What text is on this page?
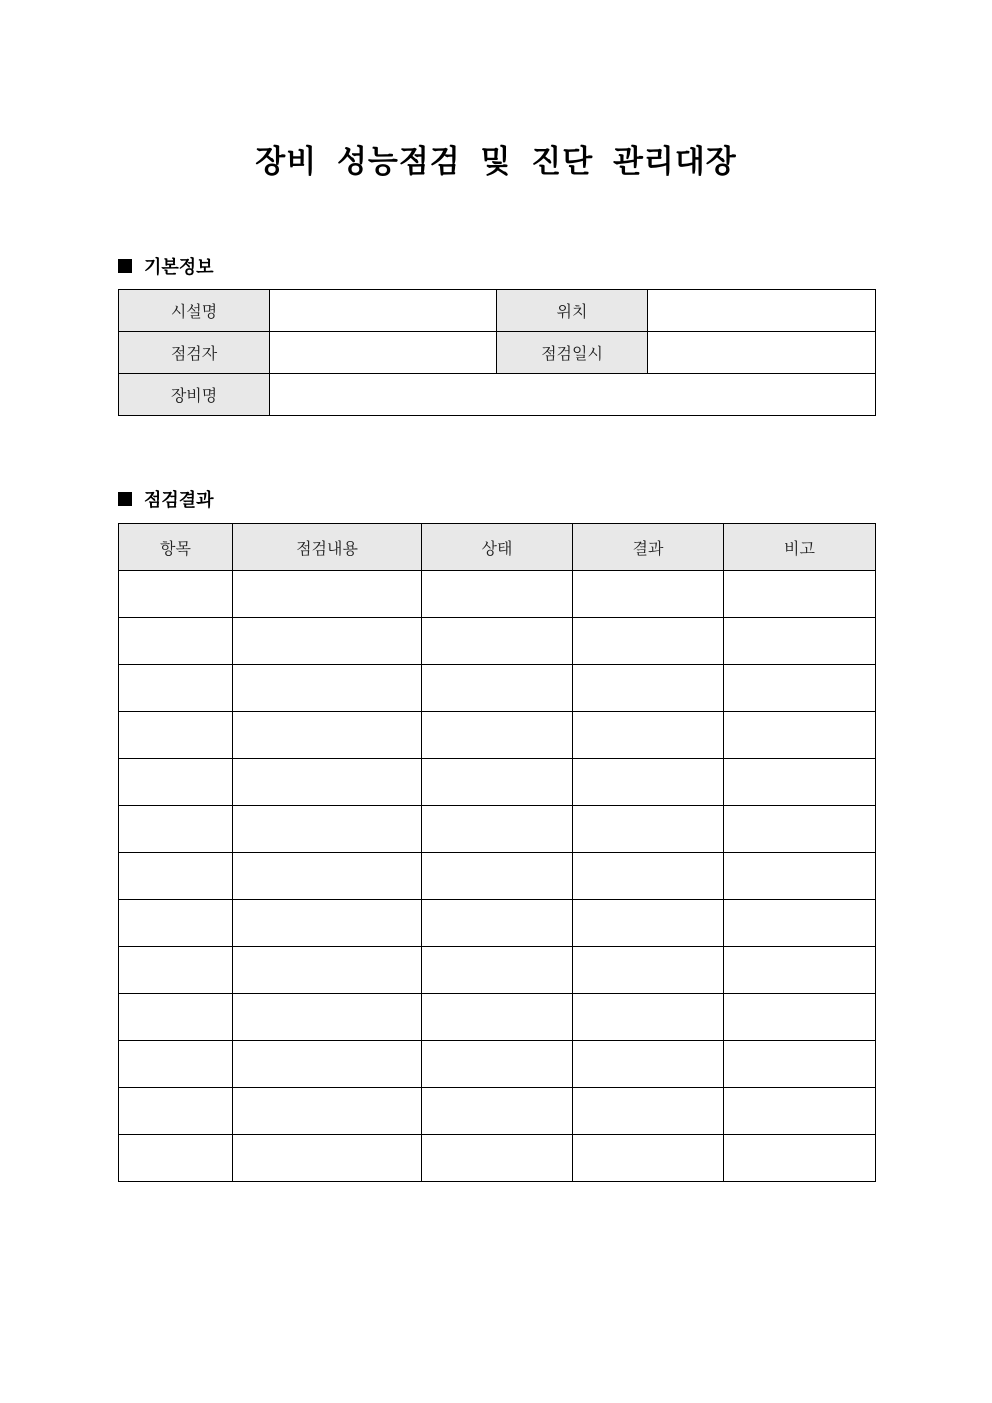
장비 성능점검 및 진단 관리대장
기본정보
시설명		위치	
점검자		점검일시	
장비명			
점검결과
항목	점검내용	상태	결과	비고
